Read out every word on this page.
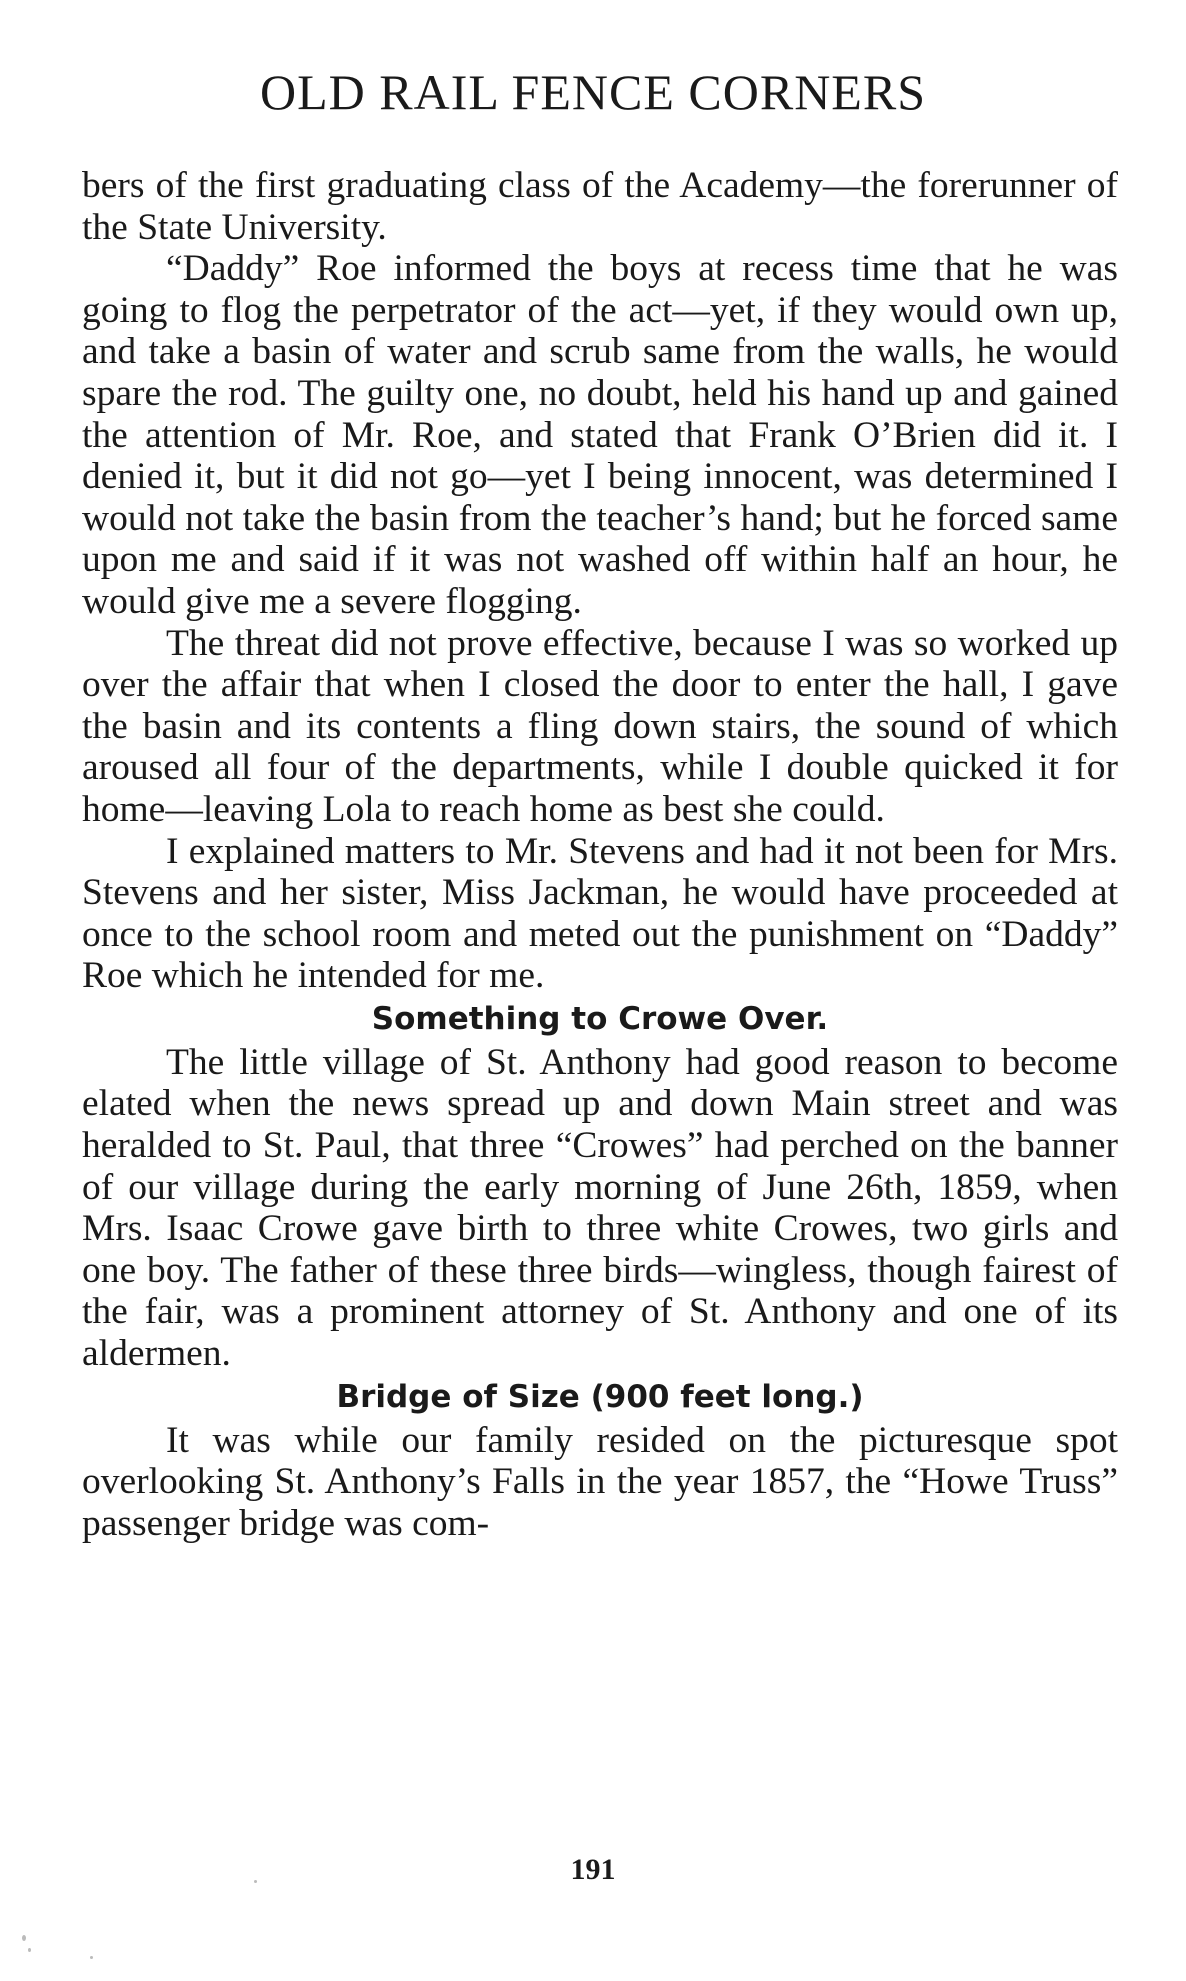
OLD RAIL FENCE CORNERS

bers of the first graduating class of the Academy—the forerunner of the State University.

“Daddy” Roe informed the boys at recess time that he was going to flog the perpetrator of the act—yet, if they would own up, and take a basin of water and scrub same from the walls, he would spare the rod. The guilty one, no doubt, held his hand up and gained the attention of Mr. Roe, and stated that Frank O’Brien did it. I denied it, but it did not go—yet I being innocent, was determined I would not take the basin from the teacher’s hand; but he forced same upon me and said if it was not washed off within half an hour, he would give me a severe flogging.

The threat did not prove effective, because I was so worked up over the affair that when I closed the door to enter the hall, I gave the basin and its contents a fling down stairs, the sound of which aroused all four of the departments, while I double quicked it for home—leaving Lola to reach home as best she could.

I explained matters to Mr. Stevens and had it not been for Mrs. Stevens and her sister, Miss Jackman, he would have proceeded at once to the school room and meted out the punishment on “Daddy” Roe which he intended for me.

Something to Crowe Over.

The little village of St. Anthony had good reason to become elated when the news spread up and down Main street and was heralded to St. Paul, that three “Crowes” had perched on the banner of our village during the early morning of June 26th, 1859, when Mrs. Isaac Crowe gave birth to three white Crowes, two girls and one boy. The father of these three birds—wingless, though fairest of the fair, was a prominent attorney of St. Anthony and one of its aldermen.

Bridge of Size (900 feet long.)

It was while our family resided on the picturesque spot overlooking St. Anthony’s Falls in the year 1857, the “Howe Truss” passenger bridge was com-

191
